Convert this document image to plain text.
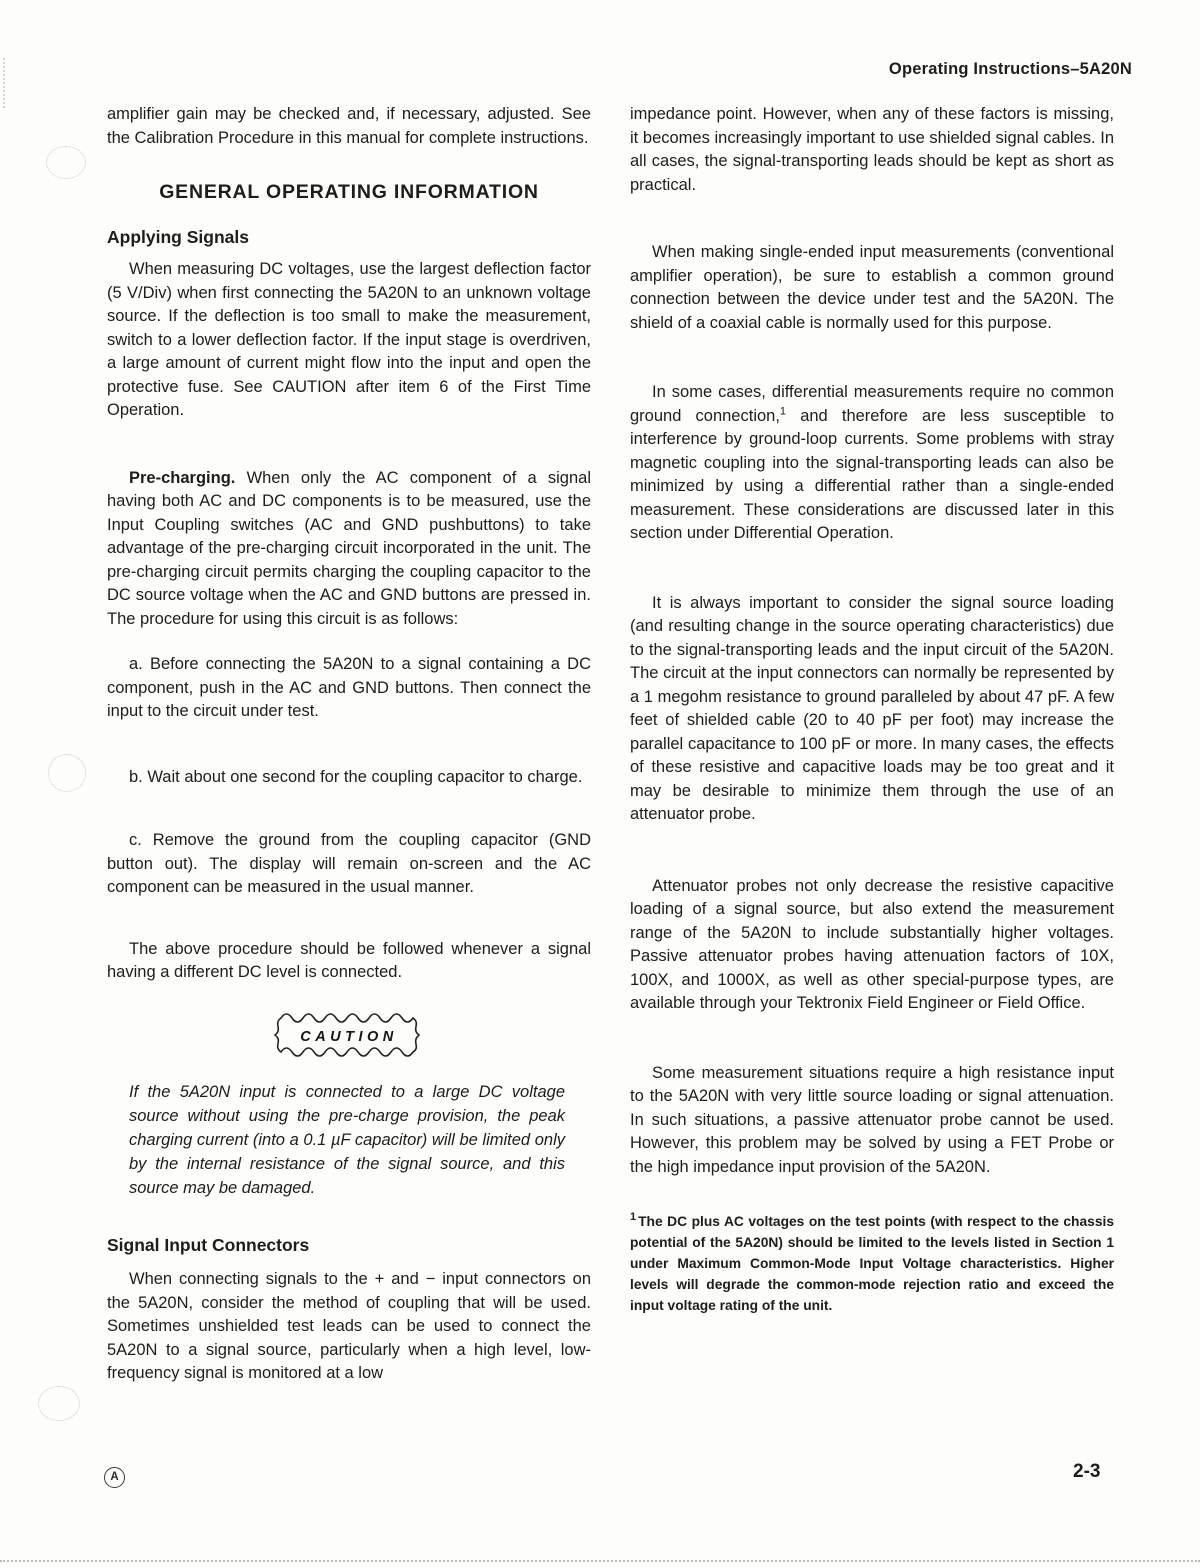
Operating Instructions–5A20N

amplifier gain may be checked and, if necessary, adjusted. See the Calibration Procedure in this manual for complete instructions.

GENERAL OPERATING INFORMATION
Applying Signals

When measuring DC voltages, use the largest deflection factor (5 V/Div) when first connecting the 5A20N to an unknown voltage source. If the deflection is too small to make the measurement, switch to a lower deflection factor. If the input stage is overdriven, a large amount of current might flow into the input and open the protective fuse. See CAUTION after item 6 of the First Time Operation.

Pre-charging. When only the AC component of a signal having both AC and DC components is to be measured, use the Input Coupling switches (AC and GND pushbuttons) to take advantage of the pre-charging circuit incorporated in the unit. The pre-charging circuit permits charging the coupling capacitor to the DC source voltage when the AC and GND buttons are pressed in. The procedure for using this circuit is as follows:

a. Before connecting the 5A20N to a signal containing a DC component, push in the AC and GND buttons. Then connect the input to the circuit under test.

b. Wait about one second for the coupling capacitor to charge.

c. Remove the ground from the coupling capacitor (GND button out). The display will remain on-screen and the AC component can be measured in the usual manner.

The above procedure should be followed whenever a signal having a different DC level is connected.

CAUTION

If the 5A20N input is connected to a large DC voltage source without using the pre-charge provision, the peak charging current (into a 0.1 µF capacitor) will be limited only by the internal resistance of the signal source, and this source may be damaged.

Signal Input Connectors

When connecting signals to the + and − input connectors on the 5A20N, consider the method of coupling that will be used. Sometimes unshielded test leads can be used to connect the 5A20N to a signal source, particularly when a high level, low-frequency signal is monitored at a low

impedance point. However, when any of these factors is missing, it becomes increasingly important to use shielded signal cables. In all cases, the signal-transporting leads should be kept as short as practical.

When making single-ended input measurements (conventional amplifier operation), be sure to establish a common ground connection between the device under test and the 5A20N. The shield of a coaxial cable is normally used for this purpose.

In some cases, differential measurements require no common ground connection,$^1$ and therefore are less susceptible to interference by ground-loop currents. Some problems with stray magnetic coupling into the signal-transporting leads can also be minimized by using a differential rather than a single-ended measurement. These considerations are discussed later in this section under Differential Operation.

It is always important to consider the signal source loading (and resulting change in the source operating characteristics) due to the signal-transporting leads and the input circuit of the 5A20N. The circuit at the input connectors can normally be represented by a 1 megohm resistance to ground paralleled by about 47 pF. A few feet of shielded cable (20 to 40 pF per foot) may increase the parallel capacitance to 100 pF or more. In many cases, the effects of these resistive and capacitive loads may be too great and it may be desirable to minimize them through the use of an attenuator probe.

Attenuator probes not only decrease the resistive capacitive loading of a signal source, but also extend the measurement range of the 5A20N to include substantially higher voltages. Passive attenuator probes having attenuation factors of 10X, 100X, and 1000X, as well as other special-purpose types, are available through your Tektronix Field Engineer or Field Office.

Some measurement situations require a high resistance input to the 5A20N with very little source loading or signal attenuation. In such situations, a passive attenuator probe cannot be used. However, this problem may be solved by using a FET Probe or the high impedance input provision of the 5A20N.

$^1$ The DC plus AC voltages on the test points (with respect to the chassis potential of the 5A20N) should be limited to the levels listed in Section 1 under Maximum Common-Mode Input Voltage characteristics. Higher levels will degrade the common-mode rejection ratio and exceed the input voltage rating of the unit.

A	2-3
